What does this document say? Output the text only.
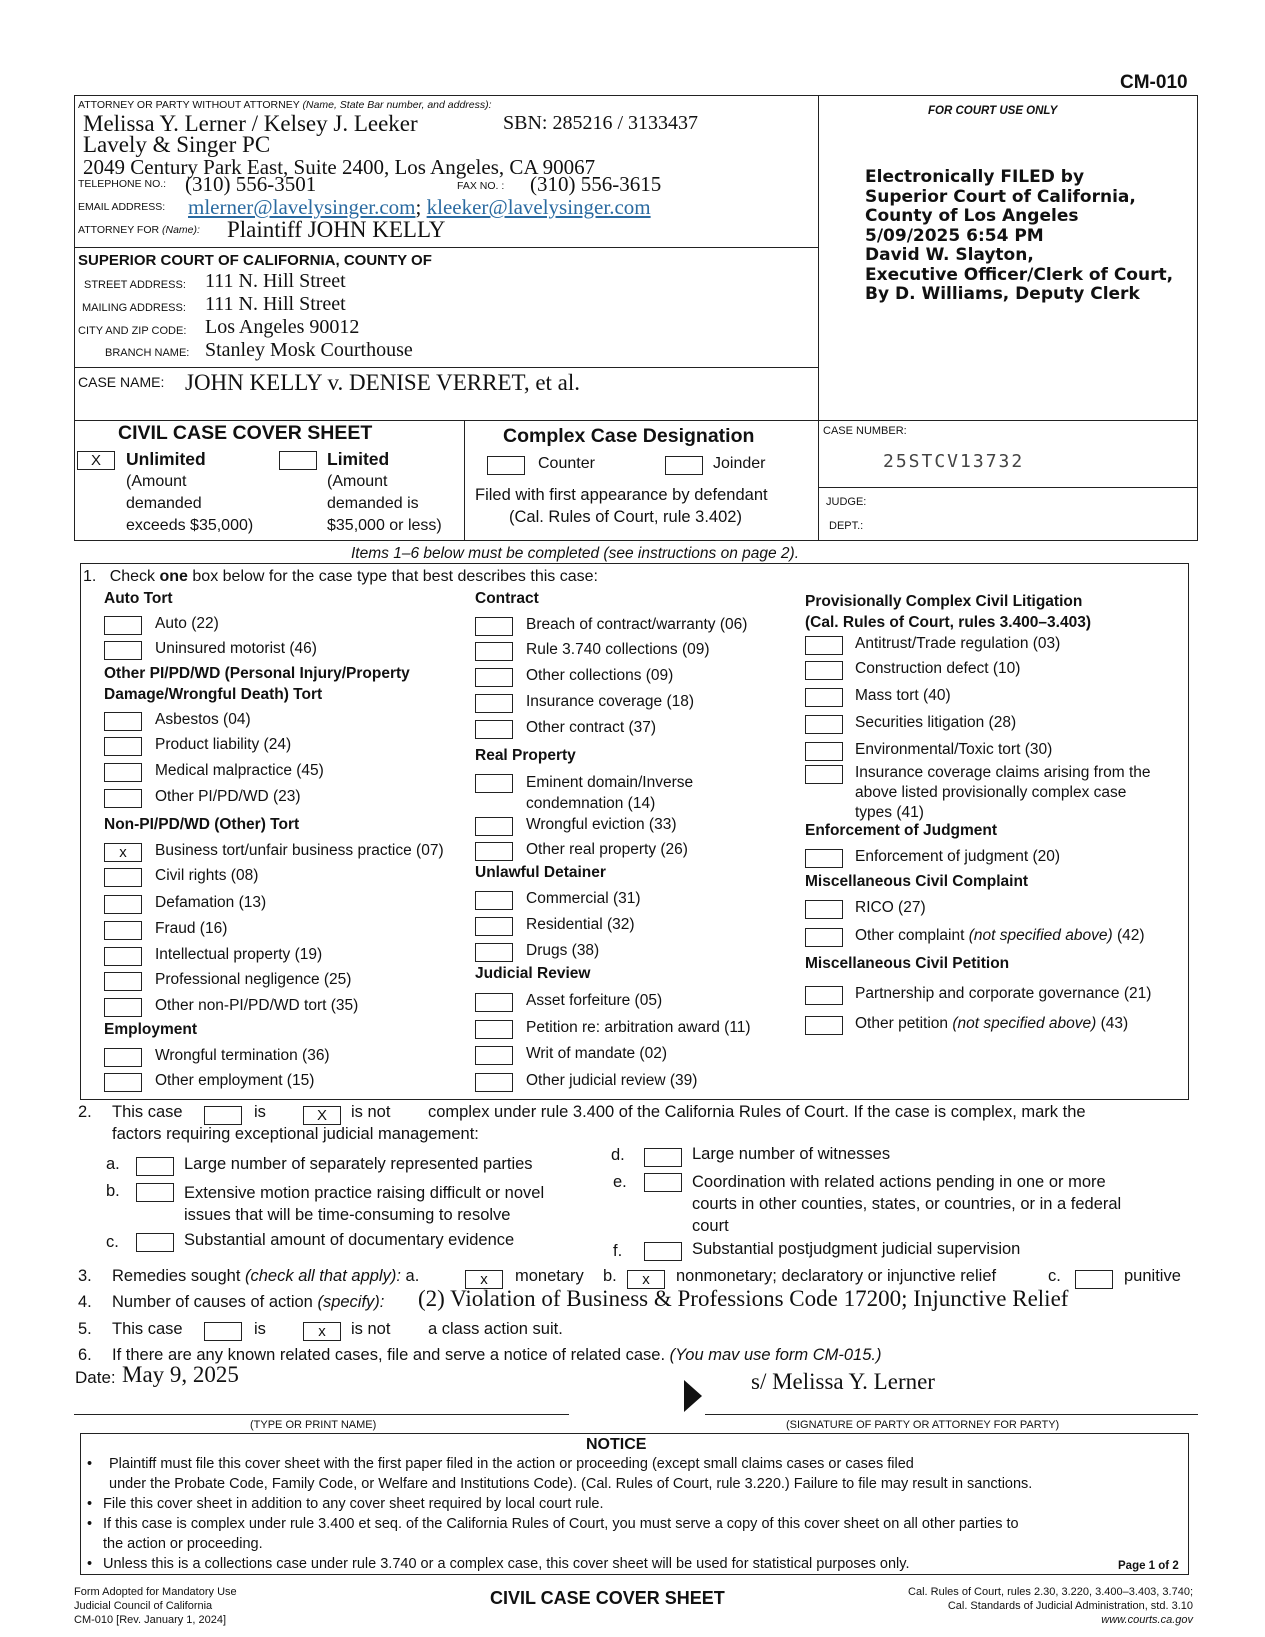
CM-010
ATTORNEY OR PARTY WITHOUT ATTORNEY (Name, State Bar number, and address):
Melissa Y. Lerner / Kelsey J. Leeker	SBN: 285216 / 3133437
Lavely & Singer PC
2049 Century Park East, Suite 2400, Los Angeles, CA 90067
TELEPHONE NO.: (310) 556-3501	FAX NO. : (310) 556-3615
EMAIL ADDRESS: mlerner@lavelysinger.com; kleeker@lavelysinger.com
ATTORNEY FOR (Name): Plaintiff JOHN KELLY
SUPERIOR COURT OF CALIFORNIA, COUNTY OF
STREET ADDRESS: 111 N. Hill Street
MAILING ADDRESS: 111 N. Hill Street
CITY AND ZIP CODE: Los Angeles 90012
BRANCH NAME: Stanley Mosk Courthouse
CASE NAME: JOHN KELLY v. DENISE VERRET, et al.
FOR COURT USE ONLY
Electronically FILED by
Superior Court of California,
County of Los Angeles
5/09/2025 6:54 PM
David W. Slayton,
Executive Officer/Clerk of Court,
By D. Williams, Deputy Clerk
CIVIL CASE COVER SHEET
X	Unlimited
(Amount
demanded
exceeds $35,000)
Limited
(Amount
demanded is
$35,000 or less)
Complex Case Designation
Counter	Joinder
Filed with first appearance by defendant
(Cal. Rules of Court, rule 3.402)
CASE NUMBER:
25STCV13732
JUDGE:
DEPT.:
Items 1–6 below must be completed (see instructions on page 2).
1. Check one box below for the case type that best describes this case:
Auto Tort
Auto (22)
Uninsured motorist (46)
Other PI/PD/WD (Personal Injury/Property
Damage/Wrongful Death) Tort
Asbestos (04)
Product liability (24)
Medical malpractice (45)
Other PI/PD/WD (23)
Non-PI/PD/WD (Other) Tort
x	Business tort/unfair business practice (07)
Civil rights (08)
Defamation (13)
Fraud (16)
Intellectual property (19)
Professional negligence (25)
Other non-PI/PD/WD tort (35)
Employment
Wrongful termination (36)
Other employment (15)
Contract
Breach of contract/warranty (06)
Rule 3.740 collections (09)
Other collections (09)
Insurance coverage (18)
Other contract (37)
Real Property
Eminent domain/Inverse
condemnation (14)
Wrongful eviction (33)
Other real property (26)
Unlawful Detainer
Commercial (31)
Residential (32)
Drugs (38)
Judicial Review
Asset forfeiture (05)
Petition re: arbitration award (11)
Writ of mandate (02)
Other judicial review (39)
Provisionally Complex Civil Litigation
(Cal. Rules of Court, rules 3.400–3.403)
Antitrust/Trade regulation (03)
Construction defect (10)
Mass tort (40)
Securities litigation (28)
Environmental/Toxic tort (30)
Insurance coverage claims arising from the
above listed provisionally complex case
types (41)
Enforcement of Judgment
Enforcement of judgment (20)
Miscellaneous Civil Complaint
RICO (27)
Other complaint (not specified above) (42)
Miscellaneous Civil Petition
Partnership and corporate governance (21)
Other petition (not specified above) (43)
2. This case	is	X	is not complex under rule 3.400 of the California Rules of Court. If the case is complex, mark the
factors requiring exceptional judicial management:
a.	Large number of separately represented parties
b.	Extensive motion practice raising difficult or novel
issues that will be time-consuming to resolve
c.	Substantial amount of documentary evidence
d.	Large number of witnesses
e.	Coordination with related actions pending in one or more
courts in other counties, states, or countries, or in a federal
court
f.	Substantial postjudgment judicial supervision
3. Remedies sought (check all that apply): a.	x	monetary b.	x	nonmonetary; declaratory or injunctive relief	c.	punitive
4. Number of causes of action (specify): (2) Violation of Business & Professions Code 17200; Injunctive Relief
5. This case	is	x	is not a class action suit.
6. If there are any known related cases, file and serve a notice of related case. (You mav use form CM-015.)
Date: May 9, 2025	s/ Melissa Y. Lerner
(TYPE OR PRINT NAME)	(SIGNATURE OF PARTY OR ATTORNEY FOR PARTY)
NOTICE
• Plaintiff must file this cover sheet with the first paper filed in the action or proceeding (except small claims cases or cases filed
under the Probate Code, Family Code, or Welfare and Institutions Code). (Cal. Rules of Court, rule 3.220.) Failure to file may result in sanctions.
• File this cover sheet in addition to any cover sheet required by local court rule.
• If this case is complex under rule 3.400 et seq. of the California Rules of Court, you must serve a copy of this cover sheet on all other parties to
the action or proceeding.
• Unless this is a collections case under rule 3.740 or a complex case, this cover sheet will be used for statistical purposes only.	Page 1 of 2
Form Adopted for Mandatory Use
Judicial Council of California
CM-010 [Rev. January 1, 2024]
CIVIL CASE COVER SHEET	Cal. Rules of Court, rules 2.30, 3.220, 3.400–3.403, 3.740;
Cal. Standards of Judicial Administration, std. 3.10
www.courts.ca.gov
